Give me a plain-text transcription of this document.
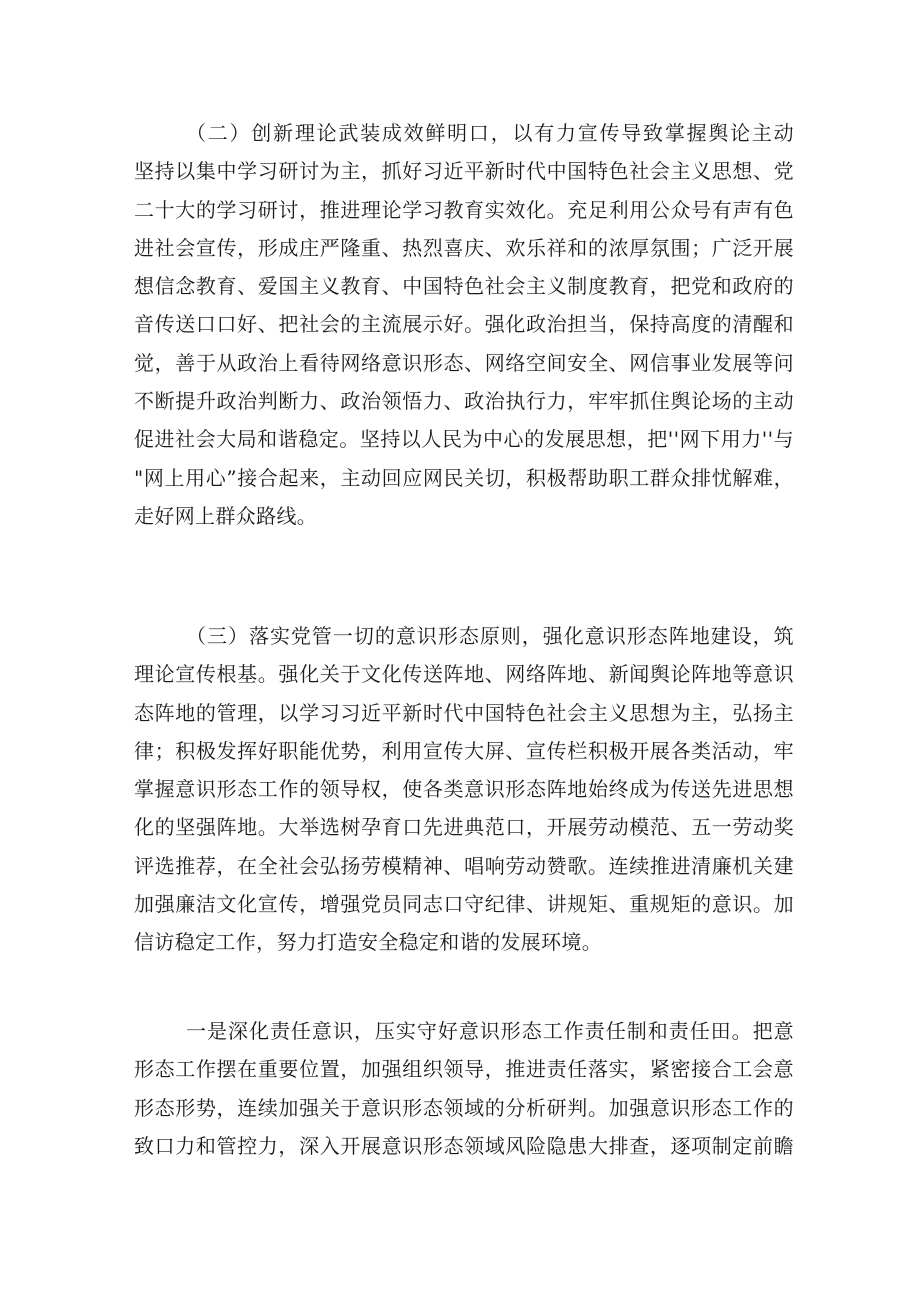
（二）创新理论武装成效鲜明口，以有力宣传导致掌握舆论主动
坚持以集中学习研讨为主，抓好习近平新时代中国特色社会主义思想、党
二十大的学习研讨，推进理论学习教育实效化。充足利用公众号有声有色
进社会宣传，形成庄严隆重、热烈喜庆、欢乐祥和的浓厚氛围；广泛开展
想信念教育、爱国主义教育、中国特色社会主义制度教育，把党和政府的
音传送口口好、把社会的主流展示好。强化政治担当，保持高度的清醒和
觉，善于从政治上看待网络意识形态、网络空间安全、网信事业发展等问
不断提升政治判断力、政治领悟力、政治执行力，牢牢抓住舆论场的主动
促进社会大局和谐稳定。坚持以人民为中心的发展思想，把''网下用力''与
"网上用心”接合起来，主动回应网民关切，积极帮助职工群众排忧解难，
走好网上群众路线。
（三）落实党管一切的意识形态原则，强化意识形态阵地建设，筑
理论宣传根基。强化关于文化传送阵地、网络阵地、新闻舆论阵地等意识
态阵地的管理，以学习习近平新时代中国特色社会主义思想为主，弘扬主
律；积极发挥好职能优势，利用宣传大屏、宣传栏积极开展各类活动，牢
掌握意识形态工作的领导权，使各类意识形态阵地始终成为传送先进思想
化的坚强阵地。大举选树孕育口先进典范口，开展劳动模范、五一劳动奖
评选推荐，在全社会弘扬劳模精神、唱响劳动赞歌。连续推进清廉机关建
加强廉洁文化宣传，增强党员同志口守纪律、讲规矩、重规矩的意识。加
信访稳定工作，努力打造安全稳定和谐的发展环境。
一是深化责任意识，压实守好意识形态工作责任制和责任田。把意
形态工作摆在重要位置，加强组织领导，推进责任落实，紧密接合工会意
形态形势，连续加强关于意识形态领域的分析研判。加强意识形态工作的
致口力和管控力，深入开展意识形态领域风险隐患大排查，逐项制定前瞻
